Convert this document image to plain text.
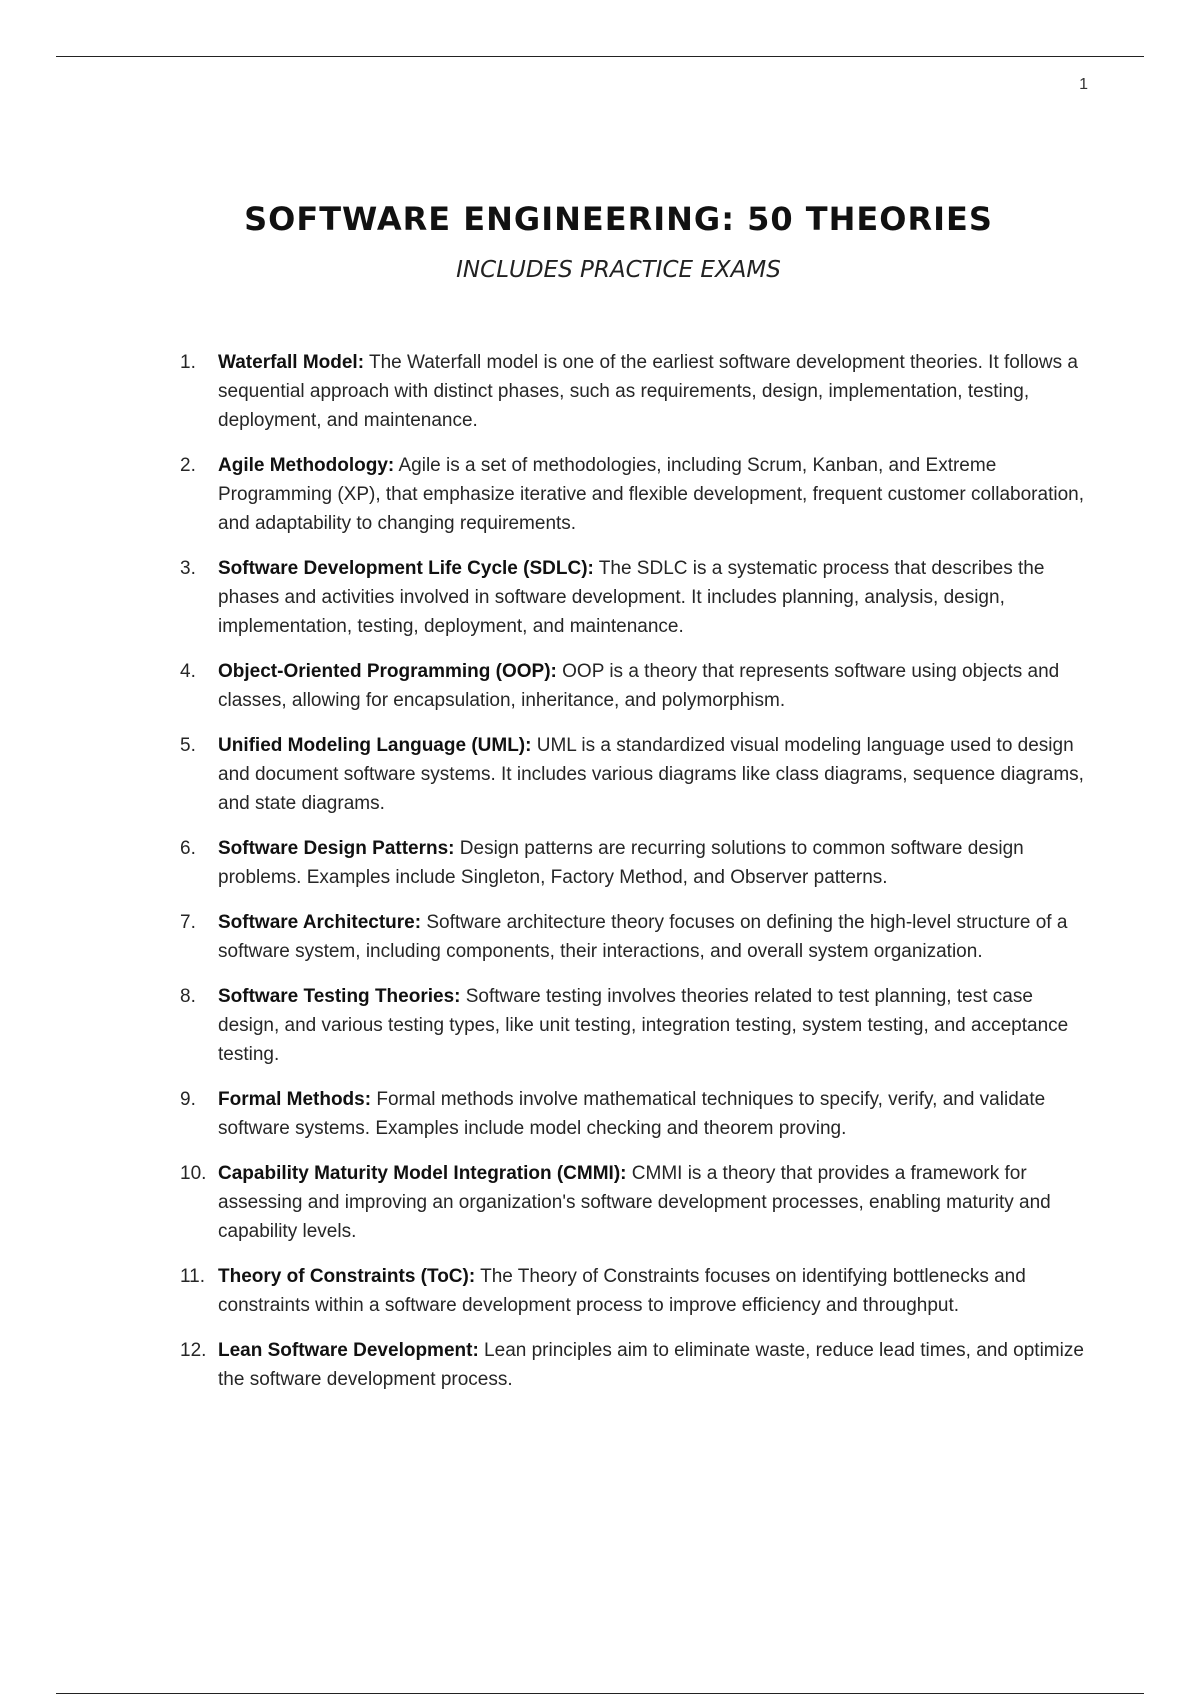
1
SOFTWARE ENGINEERING: 50 THEORIES
INCLUDES PRACTICE EXAMS
1.	Waterfall Model: The Waterfall model is one of the earliest software development theories. It follows a sequential approach with distinct phases, such as requirements, design, implementation, testing, deployment, and maintenance.
2.	Agile Methodology: Agile is a set of methodologies, including Scrum, Kanban, and Extreme Programming (XP), that emphasize iterative and flexible development, frequent customer collaboration, and adaptability to changing requirements.
3.	Software Development Life Cycle (SDLC): The SDLC is a systematic process that describes the phases and activities involved in software development. It includes planning, analysis, design, implementation, testing, deployment, and maintenance.
4.	Object-Oriented Programming (OOP): OOP is a theory that represents software using objects and classes, allowing for encapsulation, inheritance, and polymorphism.
5.	Unified Modeling Language (UML): UML is a standardized visual modeling language used to design and document software systems. It includes various diagrams like class diagrams, sequence diagrams, and state diagrams.
6.	Software Design Patterns: Design patterns are recurring solutions to common software design problems. Examples include Singleton, Factory Method, and Observer patterns.
7.	Software Architecture: Software architecture theory focuses on defining the high-level structure of a software system, including components, their interactions, and overall system organization.
8.	Software Testing Theories: Software testing involves theories related to test planning, test case design, and various testing types, like unit testing, integration testing, system testing, and acceptance testing.
9.	Formal Methods: Formal methods involve mathematical techniques to specify, verify, and validate software systems. Examples include model checking and theorem proving.
10. Capability Maturity Model Integration (CMMI): CMMI is a theory that provides a framework for assessing and improving an organization's software development processes, enabling maturity and capability levels.
11. Theory of Constraints (ToC): The Theory of Constraints focuses on identifying bottlenecks and constraints within a software development process to improve efficiency and throughput.
12. Lean Software Development: Lean principles aim to eliminate waste, reduce lead times, and optimize the software development process.
